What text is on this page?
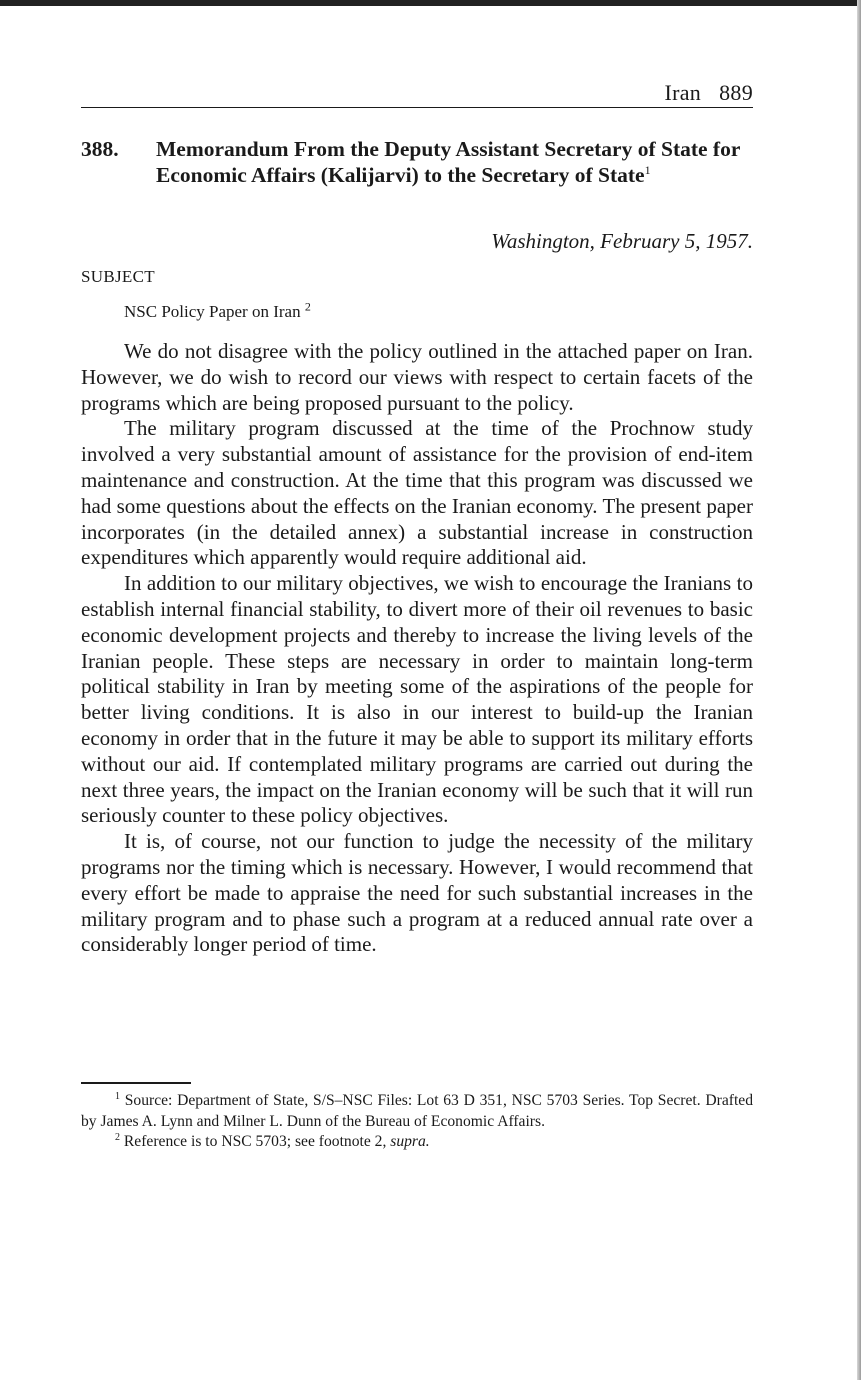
Iran 889
388. Memorandum From the Deputy Assistant Secretary of State for Economic Affairs (Kalijarvi) to the Secretary of State$^1$
Washington, February 5, 1957.
SUBJECT
NSC Policy Paper on Iran $^2$

We do not disagree with the policy outlined in the attached paper on Iran. However, we do wish to record our views with respect to certain facets of the programs which are being proposed pursuant to the policy.

The military program discussed at the time of the Prochnow study involved a very substantial amount of assistance for the provision of end-item maintenance and construction. At the time that this program was discussed we had some questions about the effects on the Iranian economy. The present paper incorporates (in the detailed annex) a substantial increase in construction expenditures which apparently would require additional aid.

In addition to our military objectives, we wish to encourage the Iranians to establish internal financial stability, to divert more of their oil revenues to basic economic development projects and thereby to increase the living levels of the Iranian people. These steps are necessary in order to maintain long-term political stability in Iran by meeting some of the aspirations of the people for better living conditions. It is also in our interest to build-up the Iranian economy in order that in the future it may be able to support its military efforts without our aid. If contemplated military programs are carried out during the next three years, the impact on the Iranian economy will be such that it will run seriously counter to these policy objectives.

It is, of course, not our function to judge the necessity of the military programs nor the timing which is necessary. However, I would recommend that every effort be made to appraise the need for such substantial increases in the military program and to phase such a program at a reduced annual rate over a considerably longer period of time.

$^1$ Source: Department of State, S/S–NSC Files: Lot 63 D 351, NSC 5703 Series. Top Secret. Drafted by James A. Lynn and Milner L. Dunn of the Bureau of Economic Affairs.

$^2$ Reference is to NSC 5703; see footnote 2, supra.
